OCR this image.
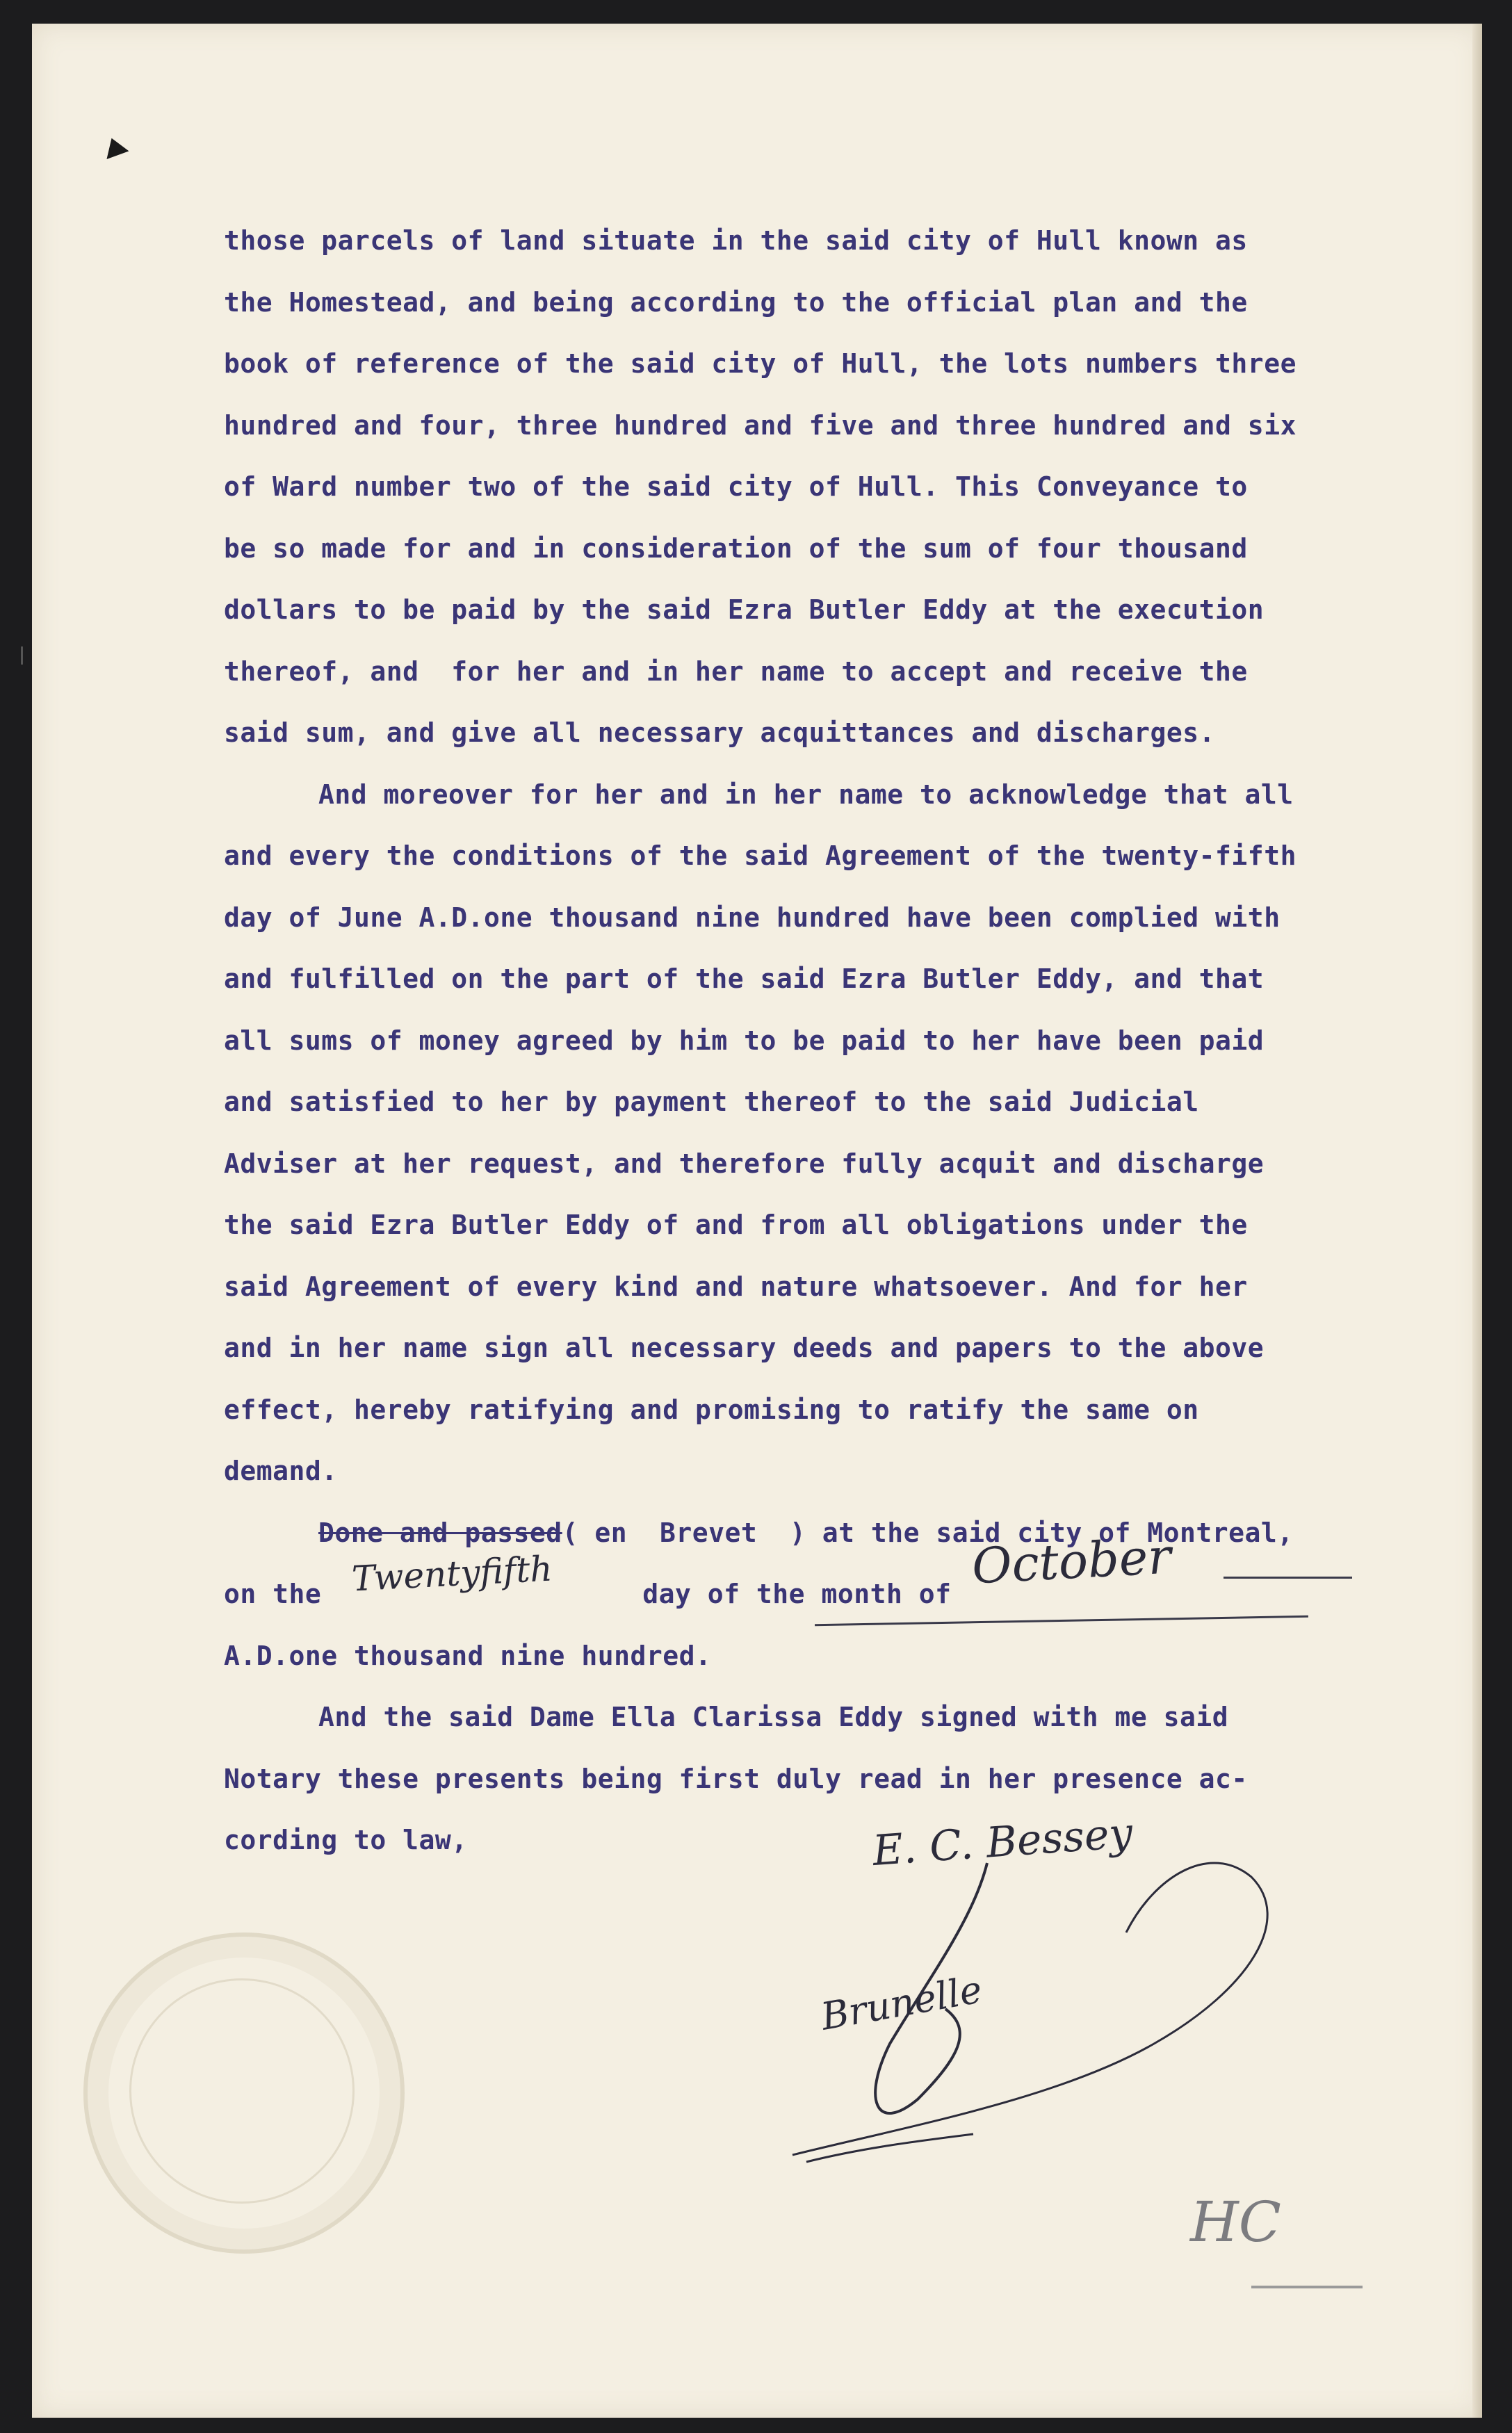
those parcels of land situate in the said city of Hull known as
the Homestead, and being according to the official plan and the
book of reference of the said city of Hull, the lots numbers three
hundred and four, three hundred and five and three hundred and six
of Ward number two of the said city of Hull. This Conveyance to
be so made for and in consideration of the sum of four thousand
dollars to be paid by the said Ezra Butler Eddy at the execution
thereof, and  for her and in her name to accept and receive the
said sum, and give all necessary acquittances and discharges.
And moreover for her and in her name to acknowledge that all
and every the conditions of the said Agreement of the twenty-fifth
day of June A.D.one thousand nine hundred have been complied with
and fulfilled on the part of the said Ezra Butler Eddy, and that
all sums of money agreed by him to be paid to her have been paid
and satisfied to her by payment thereof to the said Judicial
Adviser at her request, and therefore fully acquit and discharge
the said Ezra Butler Eddy of and from all obligations under the
said Agreement of every kind and nature whatsoever. And for her
and in her name sign all necessary deeds and papers to the above
effect, hereby ratifying and promising to ratify the same on
demand.
Done and passed( en  Brevet  ) at the said city of Montreal,
on the	day of the month of
A.D.one thousand nine hundred.
And the said Dame Ella Clarissa Eddy signed with me said
Notary these presents being first duly read in her presence ac-
cording to law,
Twentyfifth	October
E. C. Bessey
Brunelle
HC
